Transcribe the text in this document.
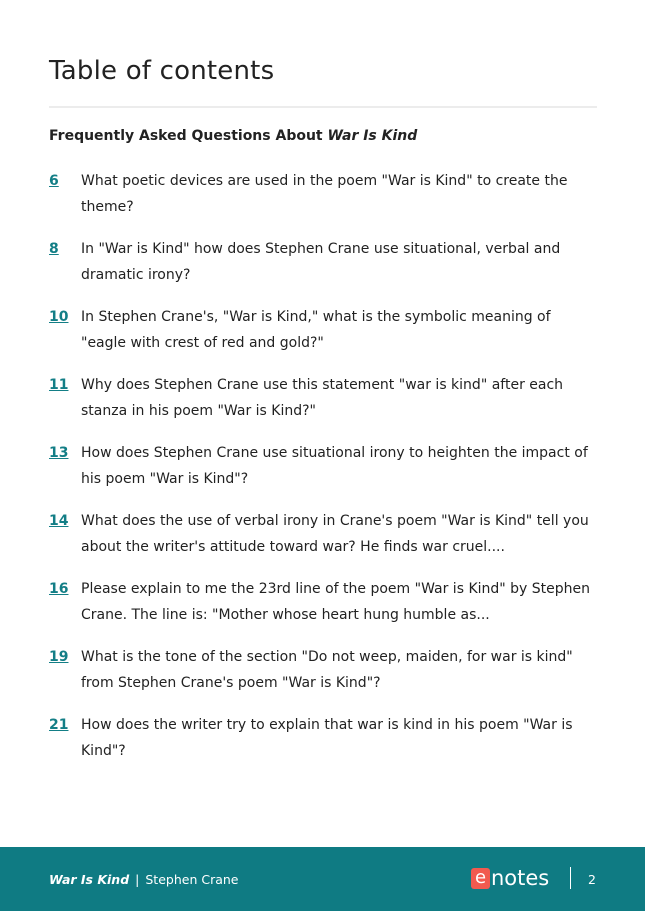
Table of contents
Frequently Asked Questions About War Is Kind
6	What poetic devices are used in the poem "War is Kind" to create the theme?
8	In "War is Kind" how does Stephen Crane use situational, verbal and dramatic irony?
10 In Stephen Crane's, "War is Kind," what is the symbolic meaning of "eagle with crest of red and gold?"
11 Why does Stephen Crane use this statement "war is kind" after each stanza in his poem "War is Kind?"
13 How does Stephen Crane use situational irony to heighten the impact of his poem "War is Kind"?
14 What does the use of verbal irony in Crane's poem "War is Kind" tell you about the writer's attitude toward war? He finds war cruel....
16 Please explain to me the 23rd line of the poem "War is Kind" by Stephen Crane. The line is: "Mother whose heart hung humble as...
19 What is the tone of the section "Do not weep, maiden, for war is kind" from Stephen Crane's poem "War is Kind"?
21 How does the writer try to explain that war is kind in his poem "War is Kind"?
War Is Kind | Stephen Crane	e notes	2
